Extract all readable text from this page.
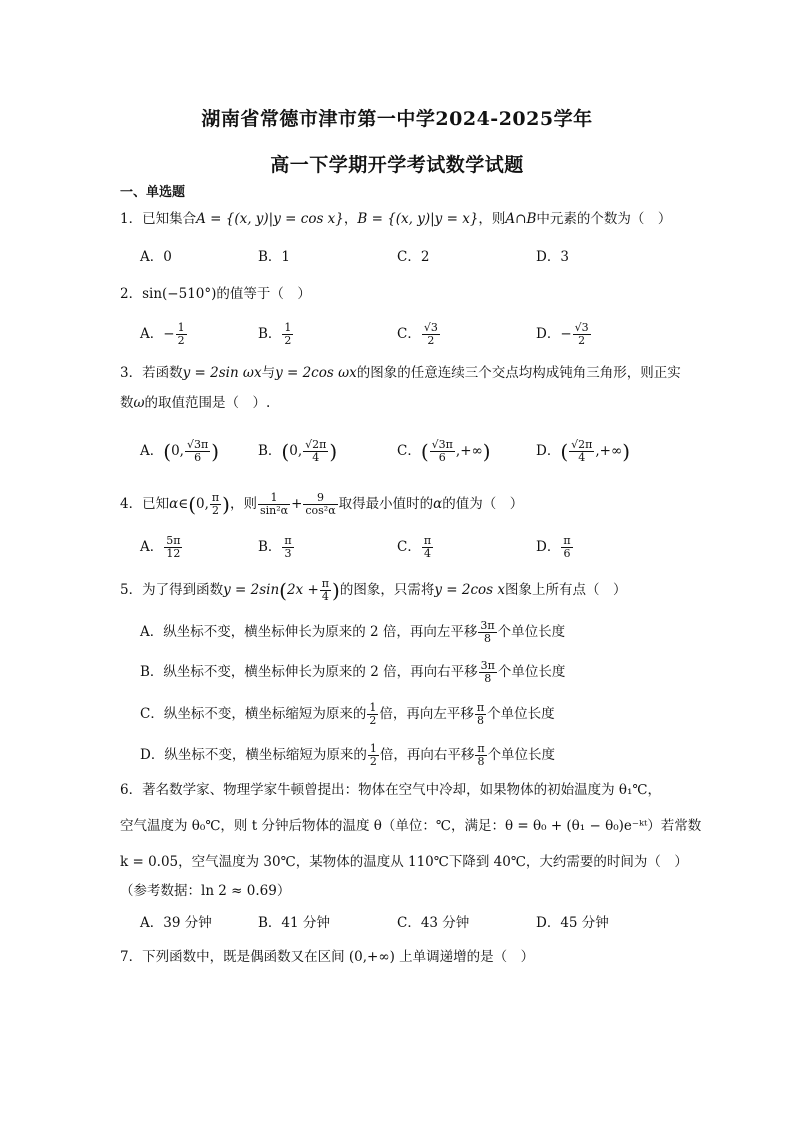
湖南省常德市津市第一中学2024-2025学年
高一下学期开学考试数学试题
一、单选题
1．已知集合A = {(x, y)|y = cos x}，B = {(x, y)|y = x}，则A∩B中元素的个数为（　）
A．0	B．1	C．2	D．3
2．sin(−510°)的值等于（　）
A．− $\frac{1}{2}$	B． $\frac{1}{2}$	C． $\frac{√3}{2}$	D．− $\frac{√3}{2}$
3．若函数y = 2sin ωx与y = 2cos ωx的图象的任意连续三个交点均构成钝角三角形，则正实
数ω的取值范围是（　）.
A．(0, $\frac{√3\pi}{6}$ )	B．(0, $\frac{√2\pi}{4}$ )	C．( $\frac{√3\pi}{6}$ ,+∞)	D．( $\frac{√2\pi}{4}$ ,+∞)
4．已知α∈(0, $\frac{\pi}{2}$ )，则 $\frac{1}{\text{sin²α}} + \frac{9}{\text{cos²α}}$ 取得最小值时的α的值为（　）
A． $\frac{5\pi}{12}$	B． $\frac{\pi}{3}$	C． $\frac{\pi}{4}$	D． $\frac{\pi}{6}$
5．为了得到函数$y = 2\sin(2x + \frac{\pi}{4}$ )的图象，只需将y = 2cos x图象上所有点（　）
A．纵坐标不变，横坐标伸长为原来的 2 倍，再向左平移 $\frac{3\pi}{8}$ 个单位长度
B．纵坐标不变，横坐标伸长为原来的 2 倍，再向右平移 $\frac{3\pi}{8}$ 个单位长度
C．纵坐标不变，横坐标缩短为原来的 $\frac{1}{2}$ 倍，再向左平移 $\frac{\pi}{8}$ 个单位长度
D．纵坐标不变，横坐标缩短为原来的 $\frac{1}{2}$ 倍，再向右平移 $\frac{\pi}{8}$ 个单位长度
6．著名数学家、物理学家牛顿曾提出：物体在空气中冷却，如果物体的初始温度为 θ₁℃，
空气温度为 θ₀℃，则 t 分钟后物体的温度 θ（单位：℃，满足：θ = θ₀ + (θ₁ − θ₀)e⁻ᵏᵗ）若常数
k = 0.05，空气温度为 30℃，某物体的温度从 110℃下降到 40℃，大约需要的时间为（　）
（参考数据：ln 2 ≈ 0.69）
A．39 分钟	B．41 分钟	C．43 分钟	D．45 分钟
7．下列函数中，既是偶函数又在区间 (0,+∞) 上单调递增的是（　）
